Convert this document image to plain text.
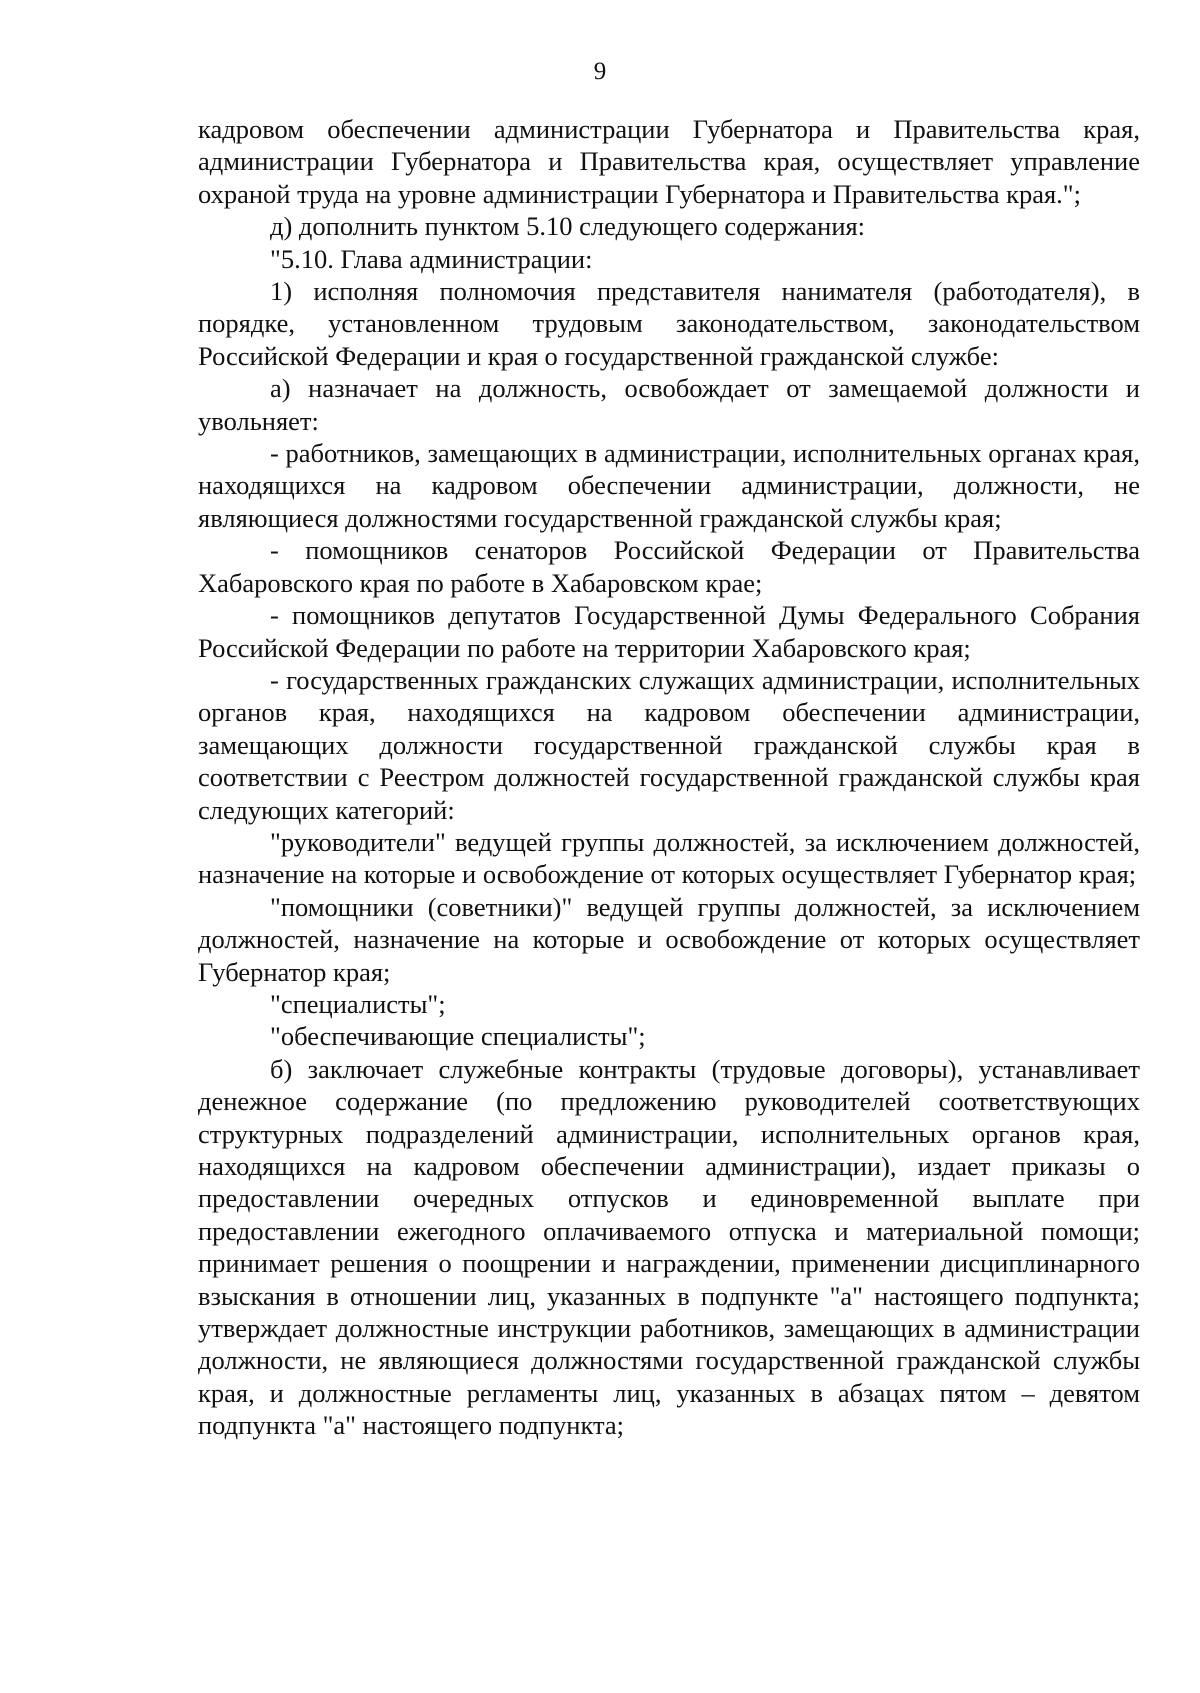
9

кадровом обеспечении администрации Губернатора и Правительства края, администрации Губернатора и Правительства края, осуществляет управление охраной труда на уровне администрации Губернатора и Правительства края.";

д) дополнить пунктом 5.10 следующего содержания:

"5.10. Глава администрации:

1) исполняя полномочия представителя нанимателя (работодателя), в порядке, установленном трудовым законодательством, законодательством Российской Федерации и края о государственной гражданской службе:

а) назначает на должность, освобождает от замещаемой должности и увольняет:

- работников, замещающих в администрации, исполнительных органах края, находящихся на кадровом обеспечении администрации, должности, не являющиеся должностями государственной гражданской службы края;

- помощников сенаторов Российской Федерации от Правительства Хабаровского края по работе в Хабаровском крае;

- помощников депутатов Государственной Думы Федерального Собрания Российской Федерации по работе на территории Хабаровского края;

- государственных гражданских служащих администрации, исполнительных органов края, находящихся на кадровом обеспечении администрации, замещающих должности государственной гражданской службы края в соответствии с Реестром должностей государственной гражданской службы края следующих категорий:

"руководители" ведущей группы должностей, за исключением должностей, назначение на которые и освобождение от которых осуществляет Губернатор края;

"помощники (советники)" ведущей группы должностей, за исключением должностей, назначение на которые и освобождение от которых осуществляет Губернатор края;

"специалисты";

"обеспечивающие специалисты";

б) заключает служебные контракты (трудовые договоры), устанавливает денежное содержание (по предложению руководителей соответствующих структурных подразделений администрации, исполнительных органов края, находящихся на кадровом обеспечении администрации), издает приказы о предоставлении очередных отпусков и единовременной выплате при предоставлении ежегодного оплачиваемого отпуска и материальной помощи; принимает решения о поощрении и награждении, применении дисциплинарного взыскания в отношении лиц, указанных в подпункте "а" настоящего подпункта; утверждает должностные инструкции работников, замещающих в администрации должности, не являющиеся должностями государственной гражданской службы края, и должностные регламенты лиц, указанных в абзацах пятом – девятом подпункта "а" настоящего подпункта;
